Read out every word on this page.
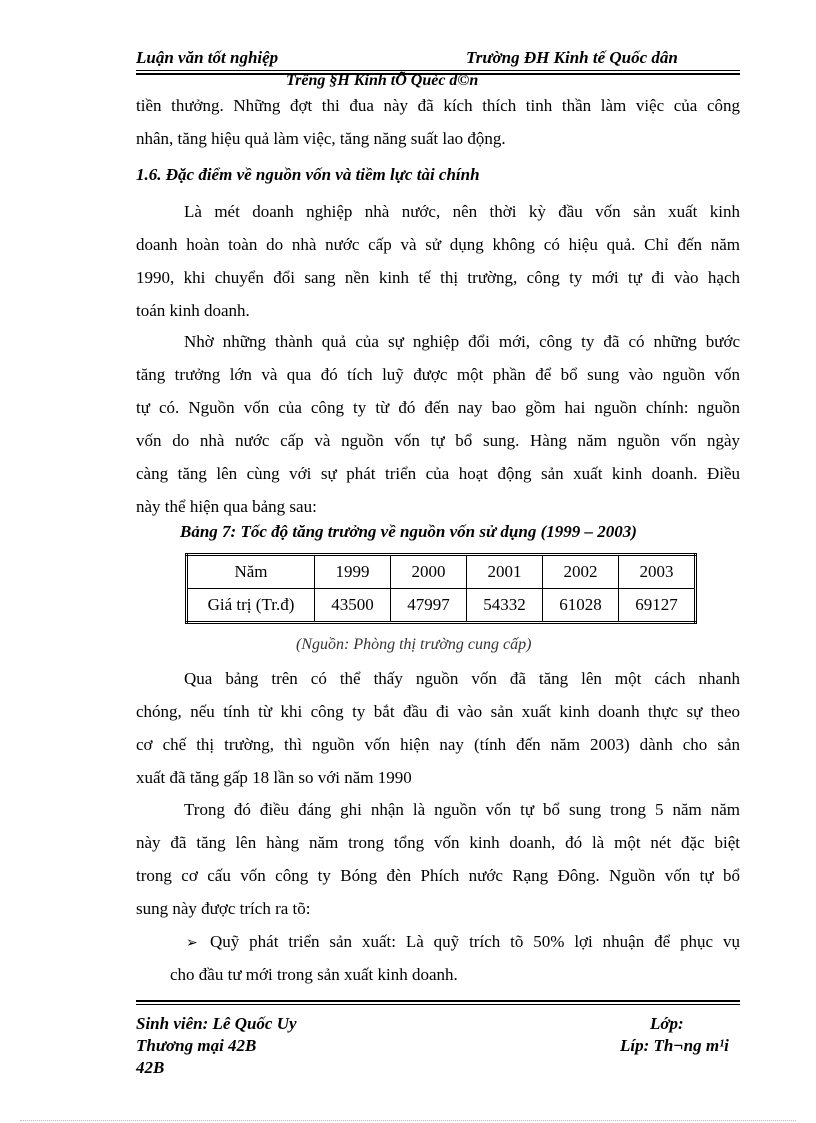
Luận văn tốt nghiệp	Trường ĐH Kinh tế Quốc dân
Trêng §H Kinh tÕ Quèc d©n
tiền thưởng. Những đợt thi đua này đã kích thích tinh thần làm việc của công
nhân, tăng hiệu quả làm việc, tăng năng suất lao động.
1.6. Đặc điểm về nguồn vốn và tiềm lực tài chính
Là mét doanh nghiệp nhà nước, nên thời kỳ đầu vốn sản xuất kinh
doanh hoàn toàn do nhà nước cấp và sử dụng không có hiệu quả. Chỉ đến năm
1990, khi chuyển đổi sang nền kinh tế thị trường, công ty mới tự đi vào hạch
toán kinh doanh.
Nhờ những thành quả của sự nghiệp đổi mới, công ty đã có những bước
tăng trưởng lớn và qua đó tích luỹ được một phần để bổ sung vào nguồn vốn
tự có. Nguồn vốn của công ty từ đó đến nay bao gồm hai nguồn chính: nguồn
vốn do nhà nước cấp và nguồn vốn tự bổ sung. Hàng năm nguồn vốn ngày
càng tăng lên cùng với sự phát triển của hoạt động sản xuất kinh doanh. Điều
này thể hiện qua bảng sau:
Bảng 7: Tốc độ tăng trưởng về nguồn vốn sử dụng (1999 – 2003)
Năm	1999	2000	2001	2002	2003
Giá trị (Tr.đ)	43500	47997	54332	61028	69127
(Nguồn: Phòng thị trường cung cấp)
Qua bảng trên có thể thấy nguồn vốn đã tăng lên một cách nhanh
chóng, nếu tính từ khi công ty bắt đầu đi vào sản xuất kinh doanh thực sự theo
cơ chế thị trường, thì nguồn vốn hiện nay (tính đến năm 2003) dành cho sản
xuất đã tăng gấp 18 lần so với năm 1990
Trong đó điều đáng ghi nhận là nguồn vốn tự bổ sung trong 5 năm năm
này đã tăng lên hàng năm trong tổng vốn kinh doanh, đó là một nét đặc biệt
trong cơ cấu vốn công ty Bóng đèn Phích nước Rạng Đông. Nguồn vốn tự bổ
sung này được trích ra tõ:
➢ Quỹ phát triển sản xuất: Là quỹ trích tõ 50% lợi nhuận để phục vụ
cho đầu tư mới trong sản xuất kinh doanh.
Sinh viên: Lê Quốc Uy	Lớp:
Thương mại 42B	Líp: Th¬ng m¹i
42B
